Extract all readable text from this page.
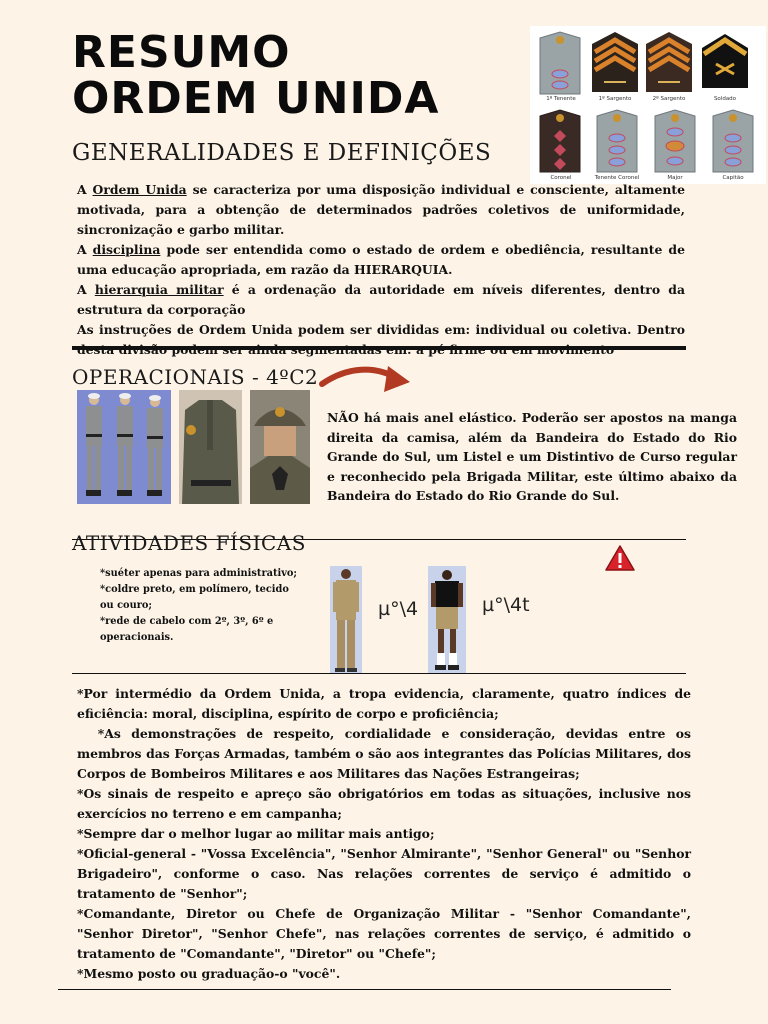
RESUMO
ORDEM UNIDA	1º Tenente	1º Sargento	2º Sargento	Soldado
Coronel	Tenente Coronel	Major	Capitão
GENERALIDADES E DEFINIÇÕES

A Ordem Unida se caracteriza por uma disposição individual e consciente, altamente motivada, para a obtenção de determinados padrões coletivos de uniformidade, sincronização e garbo militar.

A disciplina pode ser entendida como o estado de ordem e obediência, resultante de uma educação apropriada, em razão da HIERARQUIA.

A hierarquia militar é a ordenação da autoridade em níveis diferentes, dentro da estrutura da corporação

As instruções de Ordem Unida podem ser divididas em: individual ou coletiva. Dentro

OPERACIONAIS - 4ºC2
NÃO há mais anel elástico. Poderão ser apostos na manga direita da camisa, além da Bandeira do Estado do Rio Grande do Sul, um Listel e um Distintivo de Curso regular e reconhecido pela Brigada Militar, este último abaixo da Bandeira do Estado do Rio Grande do Sul.
ATIVIDADES FÍSICAS
*suéter apenas para administrativo;
*coldre preto, em polímero, tecido ou couro;
*rede de cabelo com 2º, 3º, 6º e operacionais.
µ°\4	µ°\4t

*Por intermédio da Ordem Unida, a tropa evidencia, claramente, quatro índices de eficiência: moral, disciplina, espírito de corpo e proficiência;

*As demonstrações de respeito, cordialidade e consideração, devidas entre os membros das Forças Armadas, também o são aos integrantes das Polícias Militares, dos Corpos de Bombeiros Militares e aos Militares das Nações Estrangeiras;

*Os sinais de respeito e apreço são obrigatórios em todas as situações, inclusive nos exercícios no terreno e em campanha;

*Sempre dar o melhor lugar ao militar mais antigo;

*Oficial-general - "Vossa Excelência", "Senhor Almirante", "Senhor General" ou "Senhor Brigadeiro", conforme o caso. Nas relações correntes de serviço é admitido o tratamento de "Senhor";

*Comandante, Diretor ou Chefe de Organização Militar - "Senhor Comandante", "Senhor Diretor", "Senhor Chefe", nas relações correntes de serviço, é admitido o tratamento de "Comandante", "Diretor" ou "Chefe";

*Mesmo posto ou graduação-o "você".
